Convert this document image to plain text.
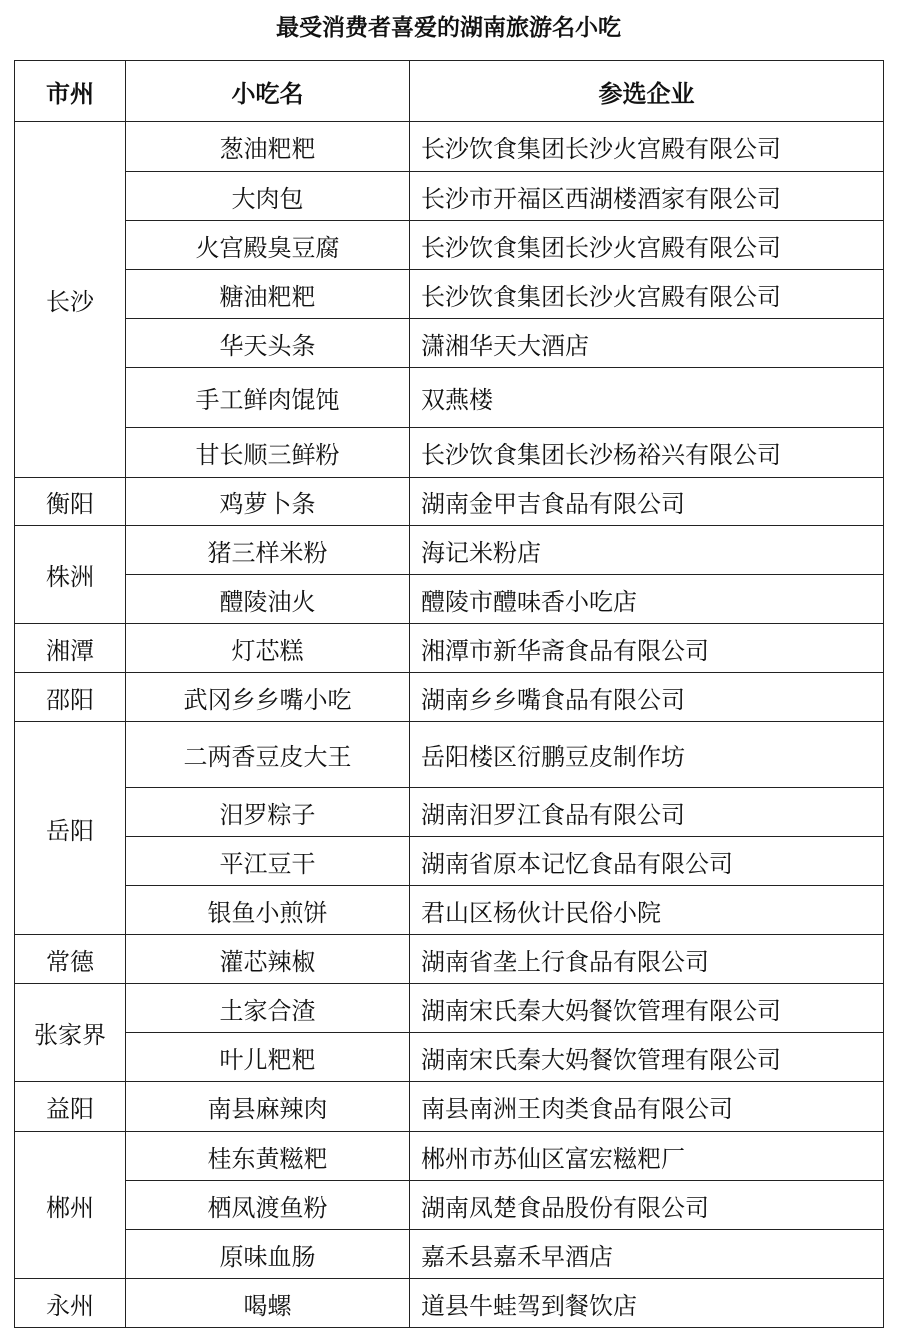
最受消费者喜爱的湖南旅游名小吃
市州	小吃名	参选企业
长沙	葱油粑粑	长沙饮食集团长沙火宫殿有限公司
	大肉包	长沙市开福区西湖楼酒家有限公司
	火宫殿臭豆腐	长沙饮食集团长沙火宫殿有限公司
	糖油粑粑	长沙饮食集团长沙火宫殿有限公司
	华天头条	潇湘华天大酒店
	手工鲜肉馄饨	双燕楼
	甘长顺三鲜粉	长沙饮食集团长沙杨裕兴有限公司
衡阳	鸡萝卜条	湖南金甲吉食品有限公司
株洲	猪三样米粉	海记米粉店
	醴陵油火	醴陵市醴味香小吃店
湘潭	灯芯糕	湘潭市新华斋食品有限公司
邵阳	武冈乡乡嘴小吃	湖南乡乡嘴食品有限公司
岳阳	二两香豆皮大王	岳阳楼区衍鹏豆皮制作坊
	汨罗粽子	湖南汨罗江食品有限公司
	平江豆干	湖南省原本记忆食品有限公司
	银鱼小煎饼	君山区杨伙计民俗小院
常德	灌芯辣椒	湖南省垄上行食品有限公司
张家界	土家合渣	湖南宋氏秦大妈餐饮管理有限公司
	叶儿粑粑	湖南宋氏秦大妈餐饮管理有限公司
益阳	南县麻辣肉	南县南洲王肉类食品有限公司
郴州	桂东黄糍粑	郴州市苏仙区富宏糍粑厂
	栖凤渡鱼粉	湖南凤楚食品股份有限公司
	原味血肠	嘉禾县嘉禾早酒店
永州	喝螺	道县牛蛙驾到餐饮店
